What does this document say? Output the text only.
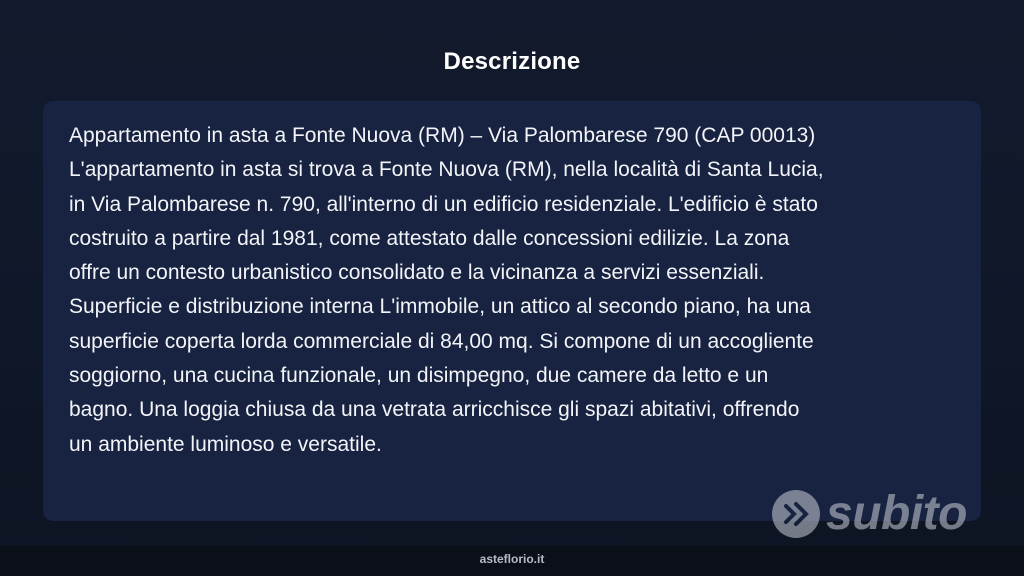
Descrizione

Appartamento in asta a Fonte Nuova (RM) – Via Palombarese 790 (CAP 00013)
L'appartamento in asta si trova a Fonte Nuova (RM), nella località di Santa Lucia,
in Via Palombarese n. 790, all'interno di un edificio residenziale. L'edificio è stato
costruito a partire dal 1981, come attestato dalle concessioni edilizie. La zona
offre un contesto urbanistico consolidato e la vicinanza a servizi essenziali.
Superficie e distribuzione interna L'immobile, un attico al secondo piano, ha una
superficie coperta lorda commerciale di 84,00 mq. Si compone di un accogliente
soggiorno, una cucina funzionale, un disimpegno, due camere da letto e un
bagno. Una loggia chiusa da una vetrata arricchisce gli spazi abitativi, offrendo
un ambiente luminoso e versatile.

subito
asteflorio.it
